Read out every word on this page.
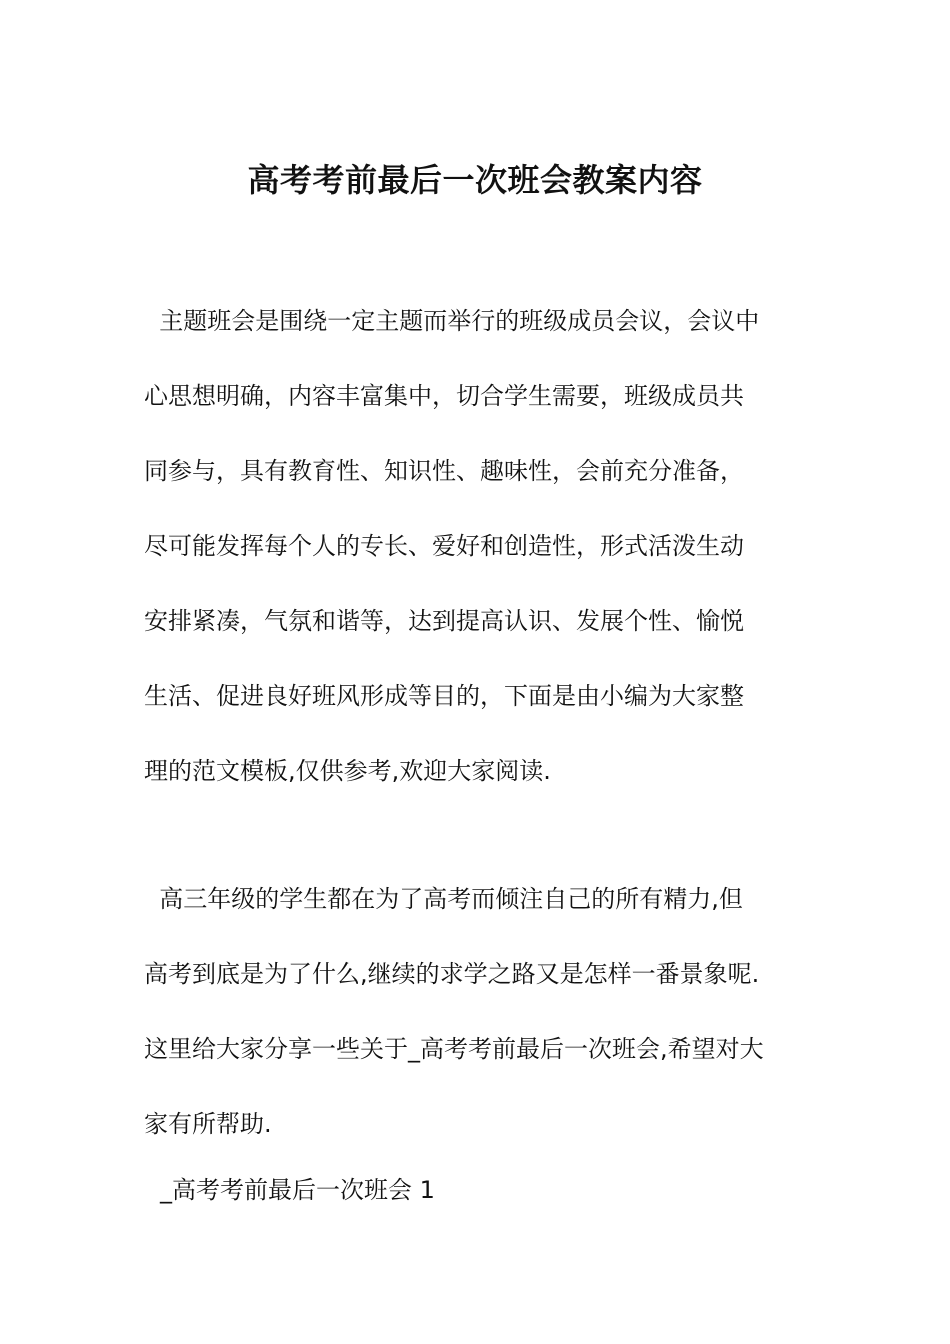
高考考前最后一次班会教案内容
主题班会是围绕一定主题而举行的班级成员会议，会议中
心思想明确，内容丰富集中，切合学生需要，班级成员共
同参与，具有教育性、知识性、趣味性，会前充分准备，
尽可能发挥每个人的专长、爱好和创造性，形式活泼生动
安排紧凑，气氛和谐等，达到提高认识、发展个性、愉悦
生活、促进良好班风形成等目的，下面是由小编为大家整
理的范文模板,仅供参考,欢迎大家阅读.
高三年级的学生都在为了高考而倾注自己的所有精力,但
高考到底是为了什么,继续的求学之路又是怎样一番景象呢.
这里给大家分享一些关于_高考考前最后一次班会,希望对大
家有所帮助.
_高考考前最后一次班会 1
